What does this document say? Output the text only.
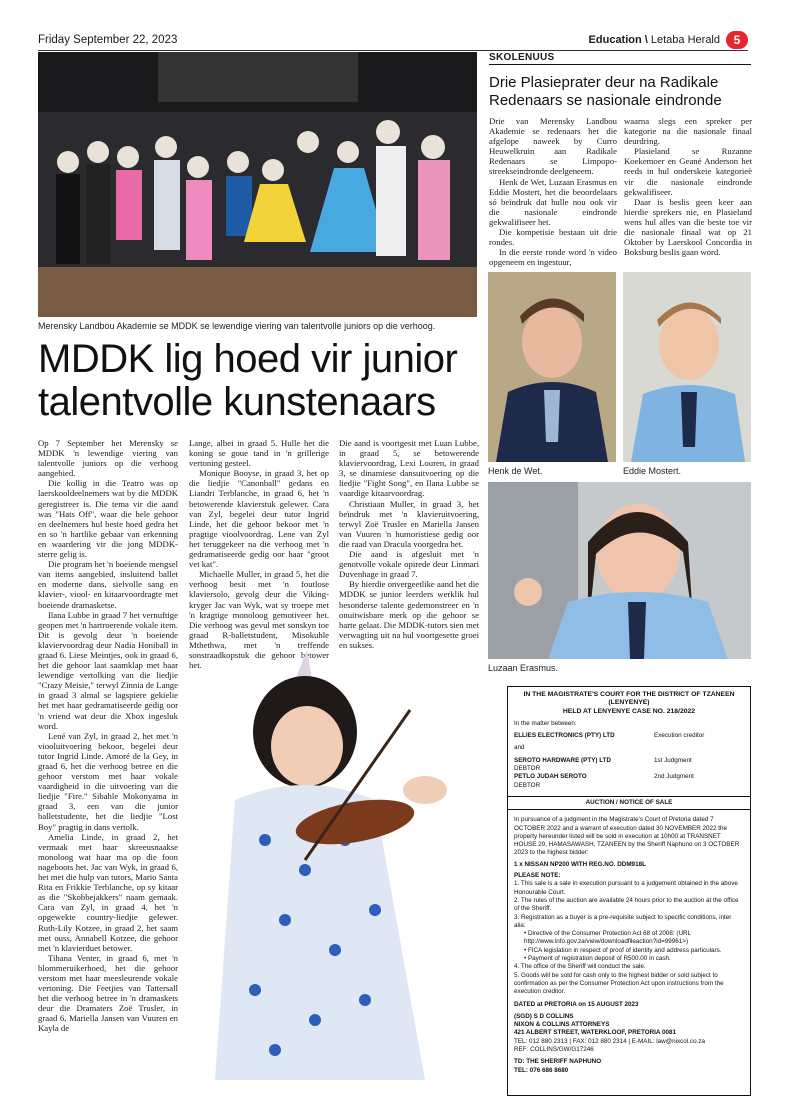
Friday September 22, 2023	Education \ Letaba Herald	5
Merensky Landbou Akademie se MDDK se lewendige viering van talentvolle juniors op die verhoog.
MDDK lig hoed vir junior talentvolle kunstenaars

Op 7 September het Merensky se MDDK 'n lewendige viering van talentvolle juniors op die verhoog aangebied.

Die kollig in die Teatro was op laerskooldeelnemers wat by die MDDK geregistreer is. Die tema vir die aand was "Hats Off", waar die hele gehoor en deelnemers hul beste hoed gedra het en so 'n hartlike gebaar van erkenning en waardering vir die jong MDDK-sterre gelig is.

Die program het 'n boeiende mengsel van items aangebied, insluitend ballet en moderne dans, sielvolle sang en klavier-, viool- en kitaarvoordragte met boeiende dramasketse.

Ilana Lubbe in graad 7 het vernuftige geopen met 'n hartroerende vokale item. Dit is gevolg deur 'n boeiende klaviervoordrag deur Nadia Honiball in graad 6. Liese Meintjes, ook in graad 6, het die gehoor laat saamklap met haar lewendige vertolking van die liedjie "Crazy Meisie," terwyl Zinnia de Lange in graad 3 almal se lagspiere gekielie het met haar gedramatiseerde gedig oor 'n vriend wat deur die Xbox ingesluk word.

Lené van Zyl, in graad 2, het met 'n viooluitvoering bekoor, begelei deur tutor Ingrid Linde. Amoré de la Gey, in graad 6, het die verhoog betree en die gehoor verstom met haar vokale vaardigheid in die uitvoering van die liedjie "Fire." Sibahle Mokonyama in graad 3, een van die junior balletstudente, het die liedjie "Lost Boy" pragtig in dans vertolk.

Amelia Linde, in graad 2, het vermaak met haar skreeusnaakse monoloog wat haar ma op die foon nageboots het. Jac van Wyk, in graad 6, het met die hulp van tutors, Mario Santa Rita en Frikkie Terblanche, op sy kitaar as die "Skobbejakkers" naam gemaak. Cara van Zyl, in graad 4, het 'n opgewekte country-liedjie gelewer. Ruth-Lily Kotzee, in graad 2, het saam met ouss, Annabell Kotzee, die gehoor met 'n klavierduet betower.

Tihana Venter, in graad 6, met 'n blommeruikerhoed, het die gehoor verstom met haar meesleurende vokale vertoning. Die Feetjies van Tattersall het die verhoog betree in 'n dramaskets deur die Dramaters Zoë Trusler, in graad 6, Mariella Jansen van Vuuren en Kayla de

Lange, albei in graad 5. Hulle het die koning se goue tand in 'n grillerige vertoning gesteel.

Monique Booyse, in graad 3, het op die liedjie "Canonball" gedans en Liandri Terblanche, in graad 6, het 'n betowerende klavierstuk gelewer. Cara van Zyl, begelei deur tutor Ingrid Linde, het die gehoor bekoor met 'n pragtige vioolvoordrag. Lene van Zyl het teruggekeer na die verhoog met 'n gedramatiseerde gedig oor haar "groot vet kat".

Michaelle Muller, in graad 5, het die verhoog besit met 'n foutlose klaviersolo, gevolg deur die Viking-kryger Jac van Wyk, wat sy troepe met 'n kragtige monoloog gemotiveer het. Die verhoog was gevul met sonskyn toe graad R-balletstudent, Misokuhle Mthethwa, met 'n treffende sonstraadkopstuk die gehoor betower het.

Die aand is voortgesit met Luan Lubbe, in graad 5, se betowerende klaviervoordrag, Lexi Louren, in graad 3, se dinamiese dansuitvoering op die liedjie "Fight Song", en Ilana Lubbe se vaardige kitaarvoordrag.

Christiaan Muller, in graad 3, het beïndruk met 'n klavieruitvoering, terwyl Zoë Trusler en Mariella Jansen van Vuuren 'n humoristiese gedig oor die raad van Dracula voorgedra het.

Die aand is afgesluit met 'n genotvolle vokale opirede deur Linmari Duvenhage in graad 7.

By hierdie onvergeetlike aand het die MDDK se junior leerders werklik hul besonderse talente gedemonstreer en 'n onuitwisbare merk op die gehoor se harte gelaat. Die MDDK-tutors sien met verwagting uit na hul voortgesette groei en sukses.

SKOLENUUS
Drie Plasieprater deur na Radikale Redenaars se nasionale eindronde

Drie van Merensky Landbou Akademie se redenaars het die afgelope naweek by Curro Heuwelkruin aan Radikale Redenaars se Limpopo-streekseindronde deelgeneem.

Henk de Wet, Luzaan Erasmus en Eddie Mostert, het die beoordelaars só beïndruk dat hulle nou ook vir die nasionale eindronde gekwalifiseer het.

Die kompetisie bestaan uit drie rondes.

In die eerste ronde word 'n video opgeneem en ingestuur,

waarna slegs een spreker per kategorie na die nasionale finaal deurdring.

Plasieland se Ruzanne Koekemoer en Geané Anderson het reeds in hul onderskeie kategorieë vir die nasionale eindronde gekwalifiseer.

Daar is beslis geen keer aan hierdie sprekers nie, en Plasieland wens hul alles van die beste toe vir die nasionale finaal wat op 21 Oktober by Laerskool Concordia in Boksburg beslis gaan word.

Henk de Wet.	Eddie Mostert.
Luzaan Erasmus.
IN THE MAGISTRATE'S COURT FOR THE DISTRICT OF TZANEEN (LENYENYE)
HELD AT LENYENYE CASE NO. 218/2022
In the matter between:
ELLIES ELECTRONICS (PTY) LTD	Execution creditor
and
SEROTO HARDWARE (PTY) LTD	1st Judgment
DEBTOR
PETLO JUDAH SEROTO	2nd Judgment
DEBTOR
AUCTION / NOTICE OF SALE
In pursuance of a judgment in the Magistrate's Court of Pretoria dated 7 OCTOBER 2022 and a warrant of execution dated 30 NOVEMBER 2022 the property hereunder listed will be sold in execution at 10h00 at TRANSNET HOUSE 20, HAMASAWASH, TZANEEN by the Sheriff Naphuno on 3 OCTOBER 2023 to the highest bidder:
1 x NISSAN NP200 WITH REG.NO. DDM918L
PLEASE NOTE:
1. This sale is a sale in execution pursuant to a judgement obtained in the above Honourable Court.
2. The rules of the auction are available 24 hours prior to the auction at the office of the Sheriff.
3. Registration as a buyer is a pre-requisite subject to specific conditions, inter alia:
• Directive of the Consumer Protection Act 68 of 2008: (URL http://www.info.gov.za/view/downloadfileaction?id=99961>)
• FICA legislation in respect of proof of identity and address particulars.
• Payment of registration deposit of R500.00 in cash.
4. The office of the Sheriff will conduct the sale.
5. Goods will be sold for cash only to the highest bidder or sold subject to confirmation as per the Consumer Protection Act upon instructions from the execution creditor.
DATED at PRETORIA on 15 AUGUST 2023
(SGD) S D COLLINS
NIXON & COLLINS ATTORNEYS
421 ALBERT STREET, WATERKLOOF, PRETORIA 0081
TEL: 012 880 2313 | FAX: 012 880 2314 | E-MAIL: law@nixcol.co.za
REF: COLLINS/GW/G17246
TD: THE SHERIFF NAPHUNO
TEL: 076 686 8680
